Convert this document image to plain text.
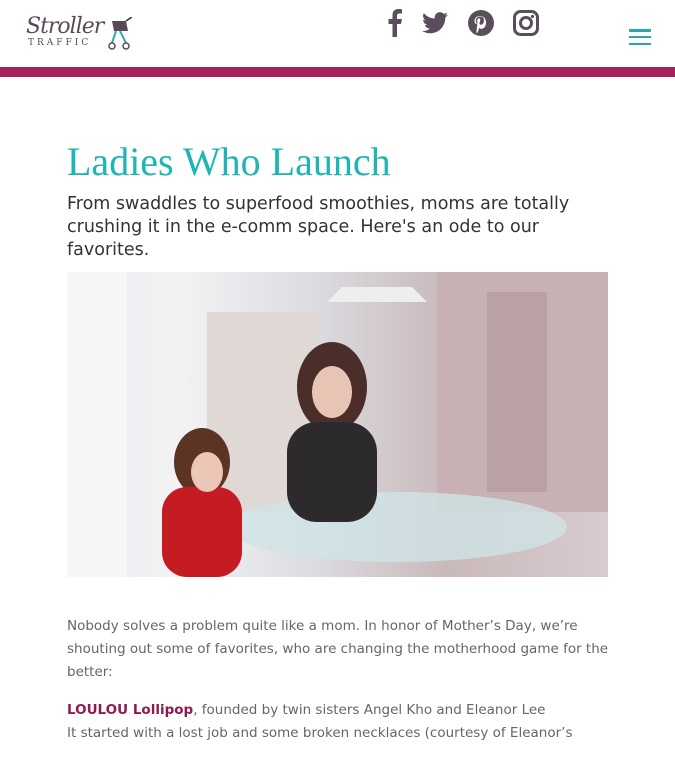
Stroller
TRAFFIC
Ladies Who Launch
From swaddles to superfood smoothies, moms are totally crushing it in the e-comm space. Here's an ode to our favorites.

Nobody solves a problem quite like a mom. In honor of Mother’s Day, we’re shouting out some of favorites, who are changing the motherhood game for the better:

LOULOU Lollipop, founded by twin sisters Angel Kho and Eleanor Lee
It started with a lost job and some broken necklaces (courtesy of Eleanor’s
